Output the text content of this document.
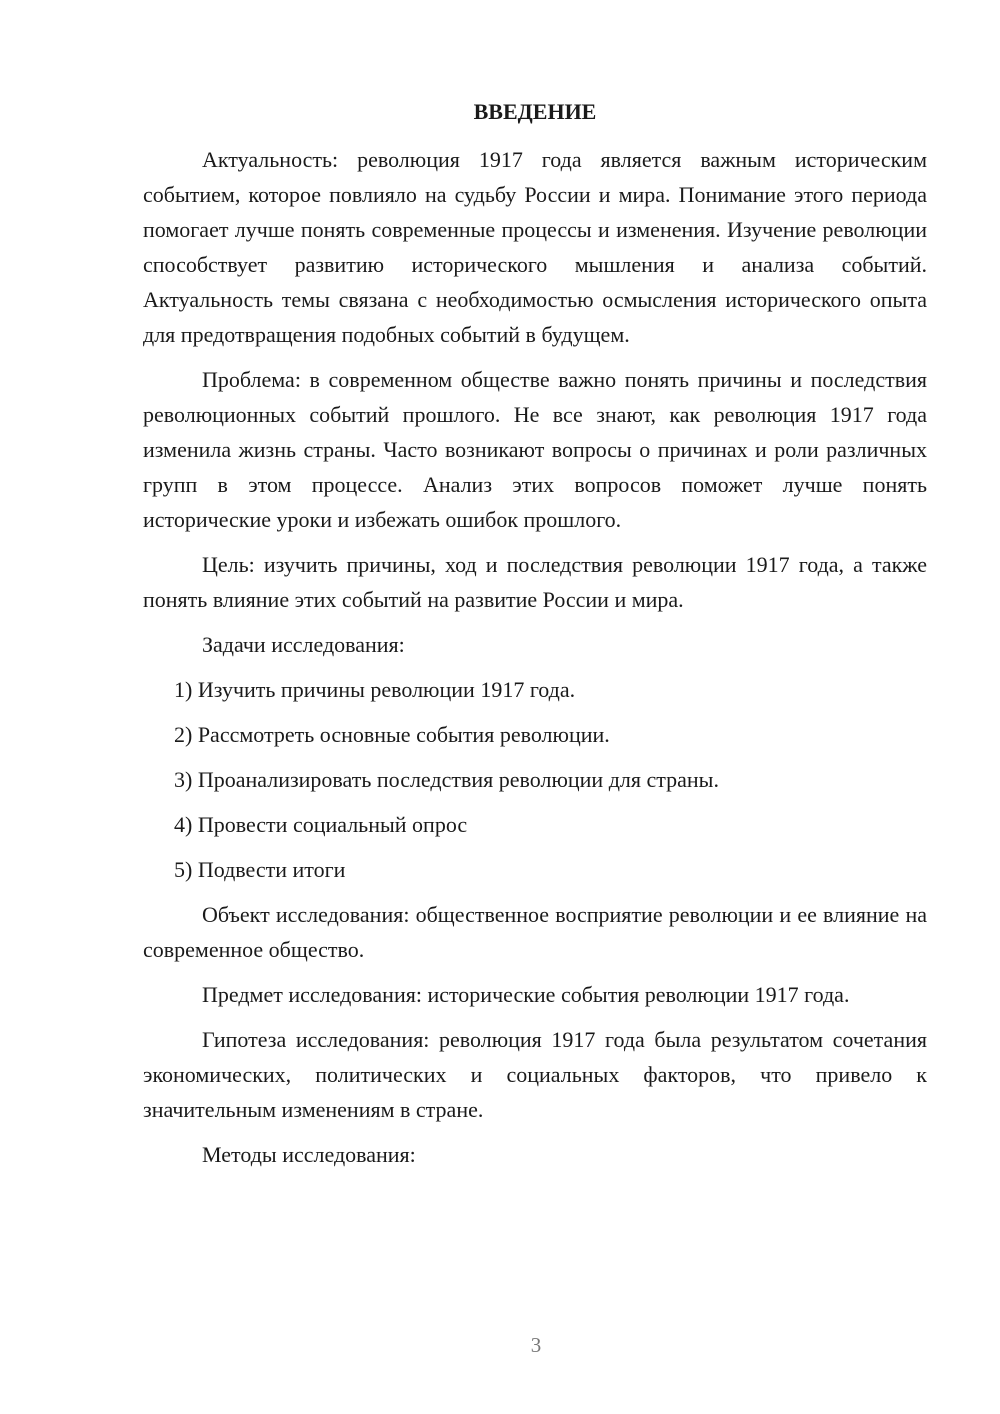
ВВЕДЕНИЕ

Актуальность: революция 1917 года является важным историческим событием, которое повлияло на судьбу России и мира. Понимание этого периода помогает лучше понять современные процессы и изменения. Изучение революции способствует развитию исторического мышления и анализа событий. Актуальность темы связана с необходимостью осмысления исторического опыта для предотвращения подобных событий в будущем.

Проблема: в современном обществе важно понять причины и последствия революционных событий прошлого. Не все знают, как революция 1917 года изменила жизнь страны. Часто возникают вопросы о причинах и роли различных групп в этом процессе. Анализ этих вопросов поможет лучше понять исторические уроки и избежать ошибок прошлого.

Цель: изучить причины, ход и последствия революции 1917 года, а также понять влияние этих событий на развитие России и мира.

Задачи исследования:

1) Изучить причины революции 1917 года.

2) Рассмотреть основные события революции.

3) Проанализировать последствия революции для страны.

4) Провести социальный опрос

5) Подвести итоги

Объект исследования: общественное восприятие революции и ее влияние на современное общество.

Предмет исследования: исторические события революции 1917 года.

Гипотеза исследования: революция 1917 года была результатом сочетания экономических, политических и социальных факторов, что привело к значительным изменениям в стране.

Методы исследования:

3
